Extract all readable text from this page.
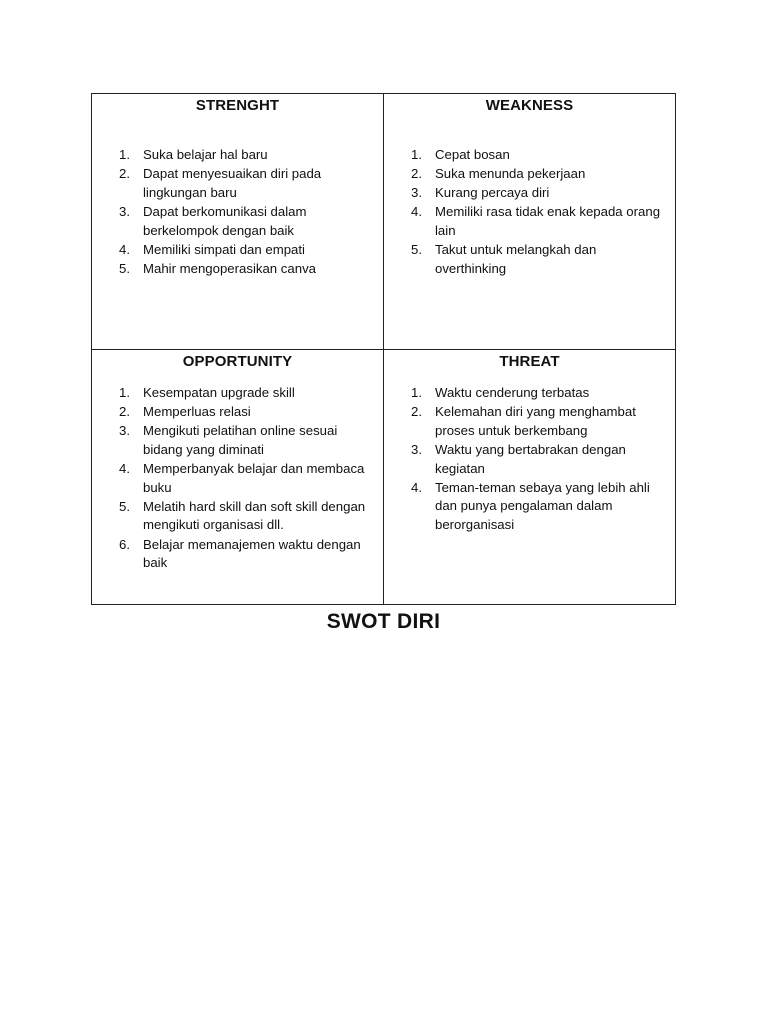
STRENGHT
1. Suka belajar hal baru
2. Dapat menyesuaikan diri pada lingkungan baru
3. Dapat berkomunikasi dalam berkelompok dengan baik
4. Memiliki simpati dan empati
5. Mahir mengoperasikan canva
WEAKNESS
1. Cepat bosan
2. Suka menunda pekerjaan
3. Kurang percaya diri
4. Memiliki rasa tidak enak kepada orang  lain
5. Takut untuk melangkah dan overthinking
OPPORTUNITY
1. Kesempatan upgrade skill
2. Memperluas relasi
3. Mengikuti pelatihan online sesuai bidang yang diminati
4. Memperbanyak belajar dan membaca buku
5. Melatih hard skill dan soft skill dengan mengikuti organisasi dll.
6. Belajar memanajemen waktu dengan baik
THREAT
1. Waktu cenderung terbatas
2. Kelemahan diri yang menghambat proses untuk berkembang
3. Waktu yang bertabrakan dengan kegiatan
4. Teman-teman sebaya yang lebih ahli dan punya pengalaman dalam berorganisasi
SWOT DIRI
